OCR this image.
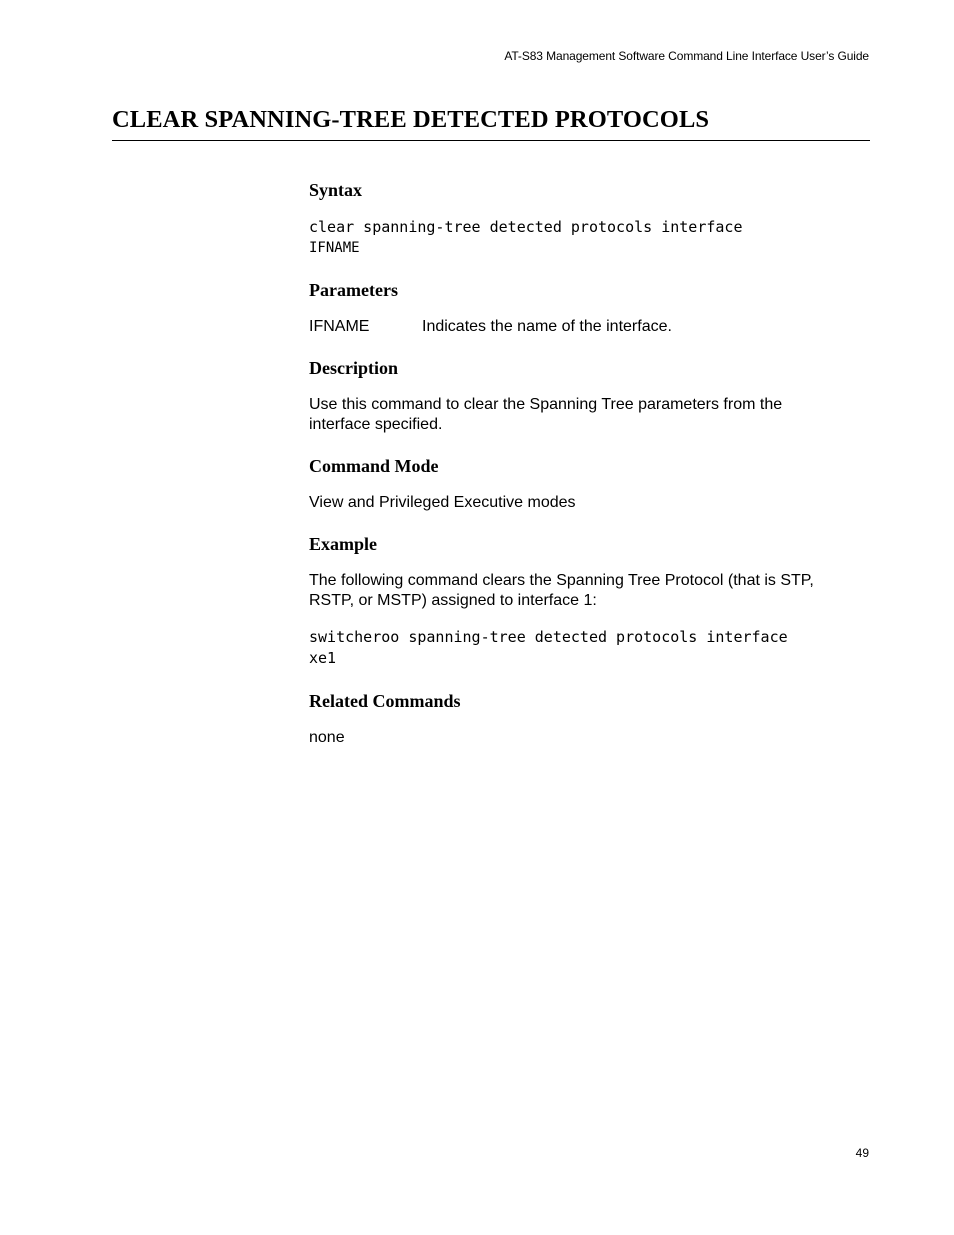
AT-S83 Management Software Command Line Interface User’s Guide
CLEAR SPANNING-TREE DETECTED PROTOCOLS
Syntax

clear spanning-tree detected protocols interface

IFNAME

Parameters
IFNAME	Indicates the name of the interface.
Description

Use this command to clear the Spanning Tree parameters from the

interface specified.

Command Mode

View and Privileged Executive modes

Example

The following command clears the Spanning Tree Protocol (that is STP,

RSTP, or MSTP) assigned to interface 1:

switcheroo spanning-tree detected protocols interface

xe1

Related Commands

none

49
